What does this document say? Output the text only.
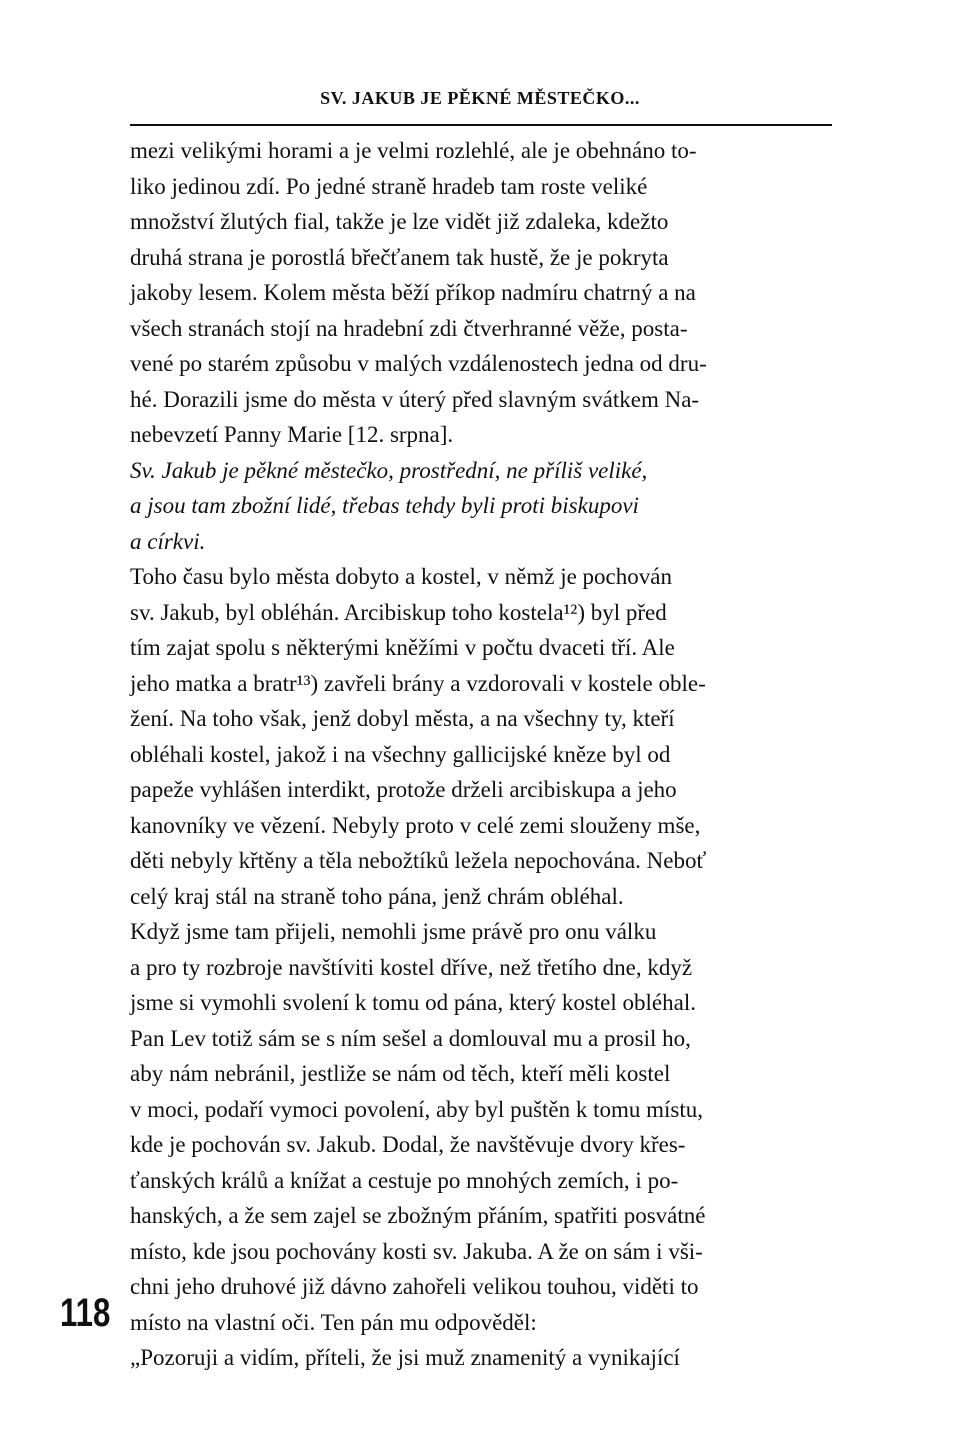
SV. JAKUB JE PĚKNÉ MĚSTEČKO...
mezi velikými horami a je velmi rozlehlé, ale je obehnáno to-
liko jedinou zdí. Po jedné straně hradeb tam roste veliké
množství žlutých fial, takže je lze vidět již zdaleka, kdežto
druhá strana je porostlá břečťanem tak hustě, že je pokryta
jakoby lesem. Kolem města běží příkop nadmíru chatrný a na
všech stranách stojí na hradební zdi čtverhranné věže, posta-
vené po starém způsobu v malých vzdálenostech jedna od dru-
hé. Dorazili jsme do města v úterý před slavným svátkem Na-
nebevzetí Panny Marie [12. srpna].
Sv. Jakub je pěkné městečko, prostřední, ne příliš veliké,
a jsou tam zbožní lidé, třebas tehdy byli proti biskupovi
a církvi.
Toho času bylo města dobyto a kostel, v němž je pochován
sv. Jakub, byl obléhán. Arcibiskup toho kostela¹²) byl před
tím zajat spolu s některými kněžími v počtu dvaceti tří. Ale
jeho matka a bratr¹³) zavřeli brány a vzdorovali v kostele oble-
žení. Na toho však, jenž dobyl města, a na všechny ty, kteří
obléhali kostel, jakož i na všechny gallicijské kněze byl od
papeže vyhlášen interdikt, protože drželi arcibiskupa a jeho
kanovníky ve vězení. Nebyly proto v celé zemi slouženy mše,
děti nebyly křtěny a těla nebožtíků ležela nepochována. Neboť
celý kraj stál na straně toho pána, jenž chrám obléhal.
Když jsme tam přijeli, nemohli jsme právě pro onu válku
a pro ty rozbroje navštíviti kostel dříve, než třetího dne, když
jsme si vymohli svolení k tomu od pána, který kostel obléhal.
Pan Lev totiž sám se s ním sešel a domlouval mu a prosil ho,
aby nám nebránil, jestliže se nám od těch, kteří měli kostel
v moci, podaří vymoci povolení, aby byl puštěn k tomu místu,
kde je pochován sv. Jakub. Dodal, že navštěvuje dvory křes-
ťanských králů a knížat a cestuje po mnohých zemích, i po-
hanských, a že sem zajel se zbožným přáním, spatřiti posvátné
místo, kde jsou pochovány kosti sv. Jakuba. A že on sám i vši-
chni jeho druhové již dávno zahořeli velikou touhou, viděti to
místo na vlastní oči. Ten pán mu odpověděl:
„Pozoruji a vidím, příteli, že jsi muž znamenitý a vynikající
118
